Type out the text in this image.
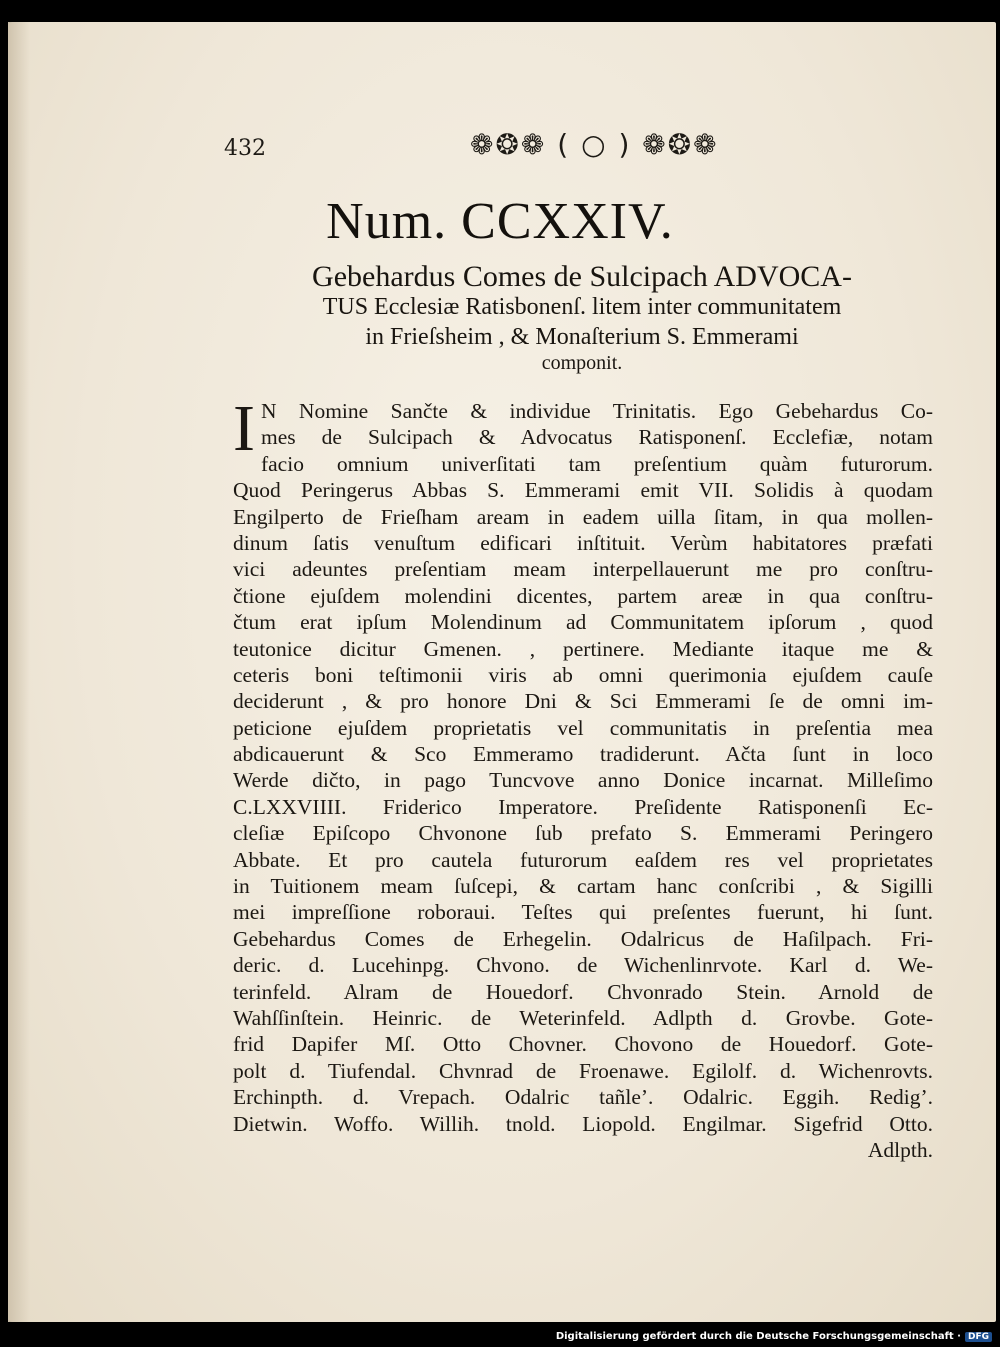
432	❁❂❁ ( ○ ) ❁❂❁
Num. CCXXIV.
Gebehardus Comes de Sulcipach ADVOCA-
TUS Ecclesiæ Ratisbonenſ. litem inter communitatem
in Frieſsheim , & Monaſterium S. Emmerami
componit.
I N Nomine Sančte & individue Trinitatis. Ego Gebehardus Co-
mes de Sulcipach & Advocatus Ratisponenſ. Ecclefiæ, notam
facio omnium univerſitati tam preſentium quàm futurorum.
Quod Peringerus Abbas S. Emmerami emit VII. Solidis à quodam
Engilperto de Frieſham aream in eadem uilla ſitam, in qua mollen-
dinum ſatis venuſtum edificari inſtituit. Verùm habitatores præfati
vici adeuntes preſentiam meam interpellauerunt me pro conſtru-
čtione ejuſdem molendini dicentes, partem areæ in qua conſtru-
čtum erat ipſum Molendinum ad Communitatem ipſorum , quod
teutonice dicitur Gmenen. , pertinere. Mediante itaque me &
ceteris boni teſtimonii viris ab omni querimonia ejuſdem cauſe
deciderunt , & pro honore Dni & Sci Emmerami ſe de omni im-
peticione ejuſdem proprietatis vel communitatis in preſentia mea
abdicauerunt & Sco Emmeramo tradiderunt. Ačta ſunt in loco
Werde dičto, in pago Tuncvove anno Donice incarnat. Milleſimo
C.LXXVIIII. Friderico Imperatore. Preſidente Ratisponenſi Ec-
cleſiæ Epiſcopo Chvonone ſub prefato S. Emmerami Peringero
Abbate. Et pro cautela futurorum eaſdem res vel proprietates
in Tuitionem meam ſuſcepi, & cartam hanc conſcribi , & Sigilli
mei impreſſione roboraui. Teſtes qui preſentes fuerunt, hi ſunt.
Gebehardus Comes de Erhegelin. Odalricus de Haſilpach. Fri-
deric. d. Lucehinpg. Chvono. de Wichenlinrvote. Karl d. We-
terinfeld. Alram de Houedorf. Chvonrado Stein. Arnold de
Wahſſinſtein. Heinric. de Weterinfeld. Adlpth d. Grovbe. Gote-
frid Dapifer Mſ. Otto Chovner. Chovono de Houedorf. Gote-
polt d. Tiufendal. Chvnrad de Froenawe. Egilolf. d. Wichenrovts.
Erchinpth. d. Vrepach. Odalric tañle’. Odalric. Eggih. Redig’.
Dietwin. Woffo. Willih. tnold. Liopold. Engilmar. Sigefrid Otto.
Adlpth.
Digitalisierung gefördert durch die Deutsche Forschungsgemeinschaft · DFG
